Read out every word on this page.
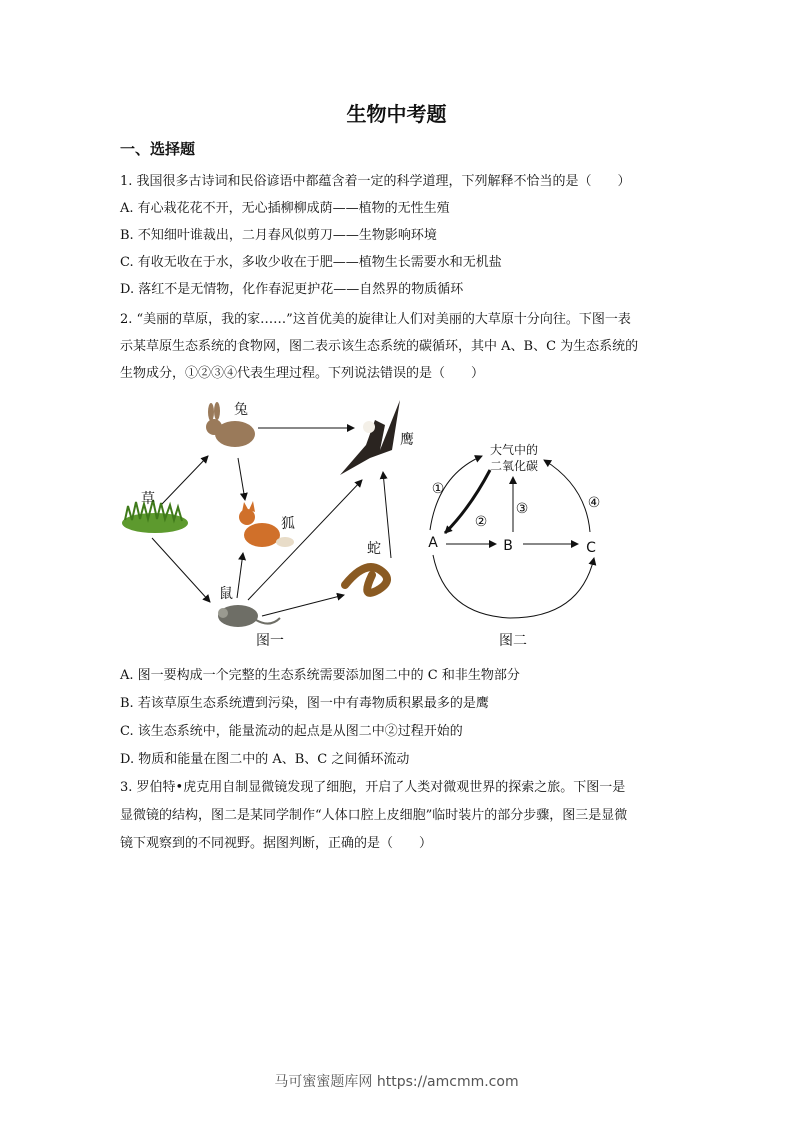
生物中考题
一、选择题
1. 我国很多古诗词和民俗谚语中都蕴含着一定的科学道理，下列解释不恰当的是（　　）
A. 有心栽花花不开，无心插柳柳成荫——植物的无性生殖
B. 不知细叶谁裁出，二月春风似剪刀——生物影响环境
C. 有收无收在于水，多收少收在于肥——植物生长需要水和无机盐
D. 落红不是无情物，化作春泥更护花——自然界的物质循环
2. “美丽的草原，我的家……”这首优美的旋律让人们对美丽的大草原十分向往。下图一表
示某草原生态系统的食物网，图二表示该生态系统的碳循环，其中 A、B、C 为生态系统的
生物成分，①②③④代表生理过程。下列说法错误的是（　　）
草
兔
狐
鼠
蛇
鹰
图一
大气中的
二氧化碳
A	B	C
①
②
③	④
图二
A. 图一要构成一个完整的生态系统需要添加图二中的 C 和非生物部分
B. 若该草原生态系统遭到污染，图一中有毒物质积累最多的是鹰
C. 该生态系统中，能量流动的起点是从图二中②过程开始的
D. 物质和能量在图二中的 A、B、C 之间循环流动
3. 罗伯特•虎克用自制显微镜发现了细胞，开启了人类对微观世界的探索之旅。下图一是
显微镜的结构，图二是某同学制作“人体口腔上皮细胞”临时装片的部分步骤，图三是显微
镜下观察到的不同视野。据图判断，正确的是（　　）
马可蜜蜜题库网 https://amcmm.com
